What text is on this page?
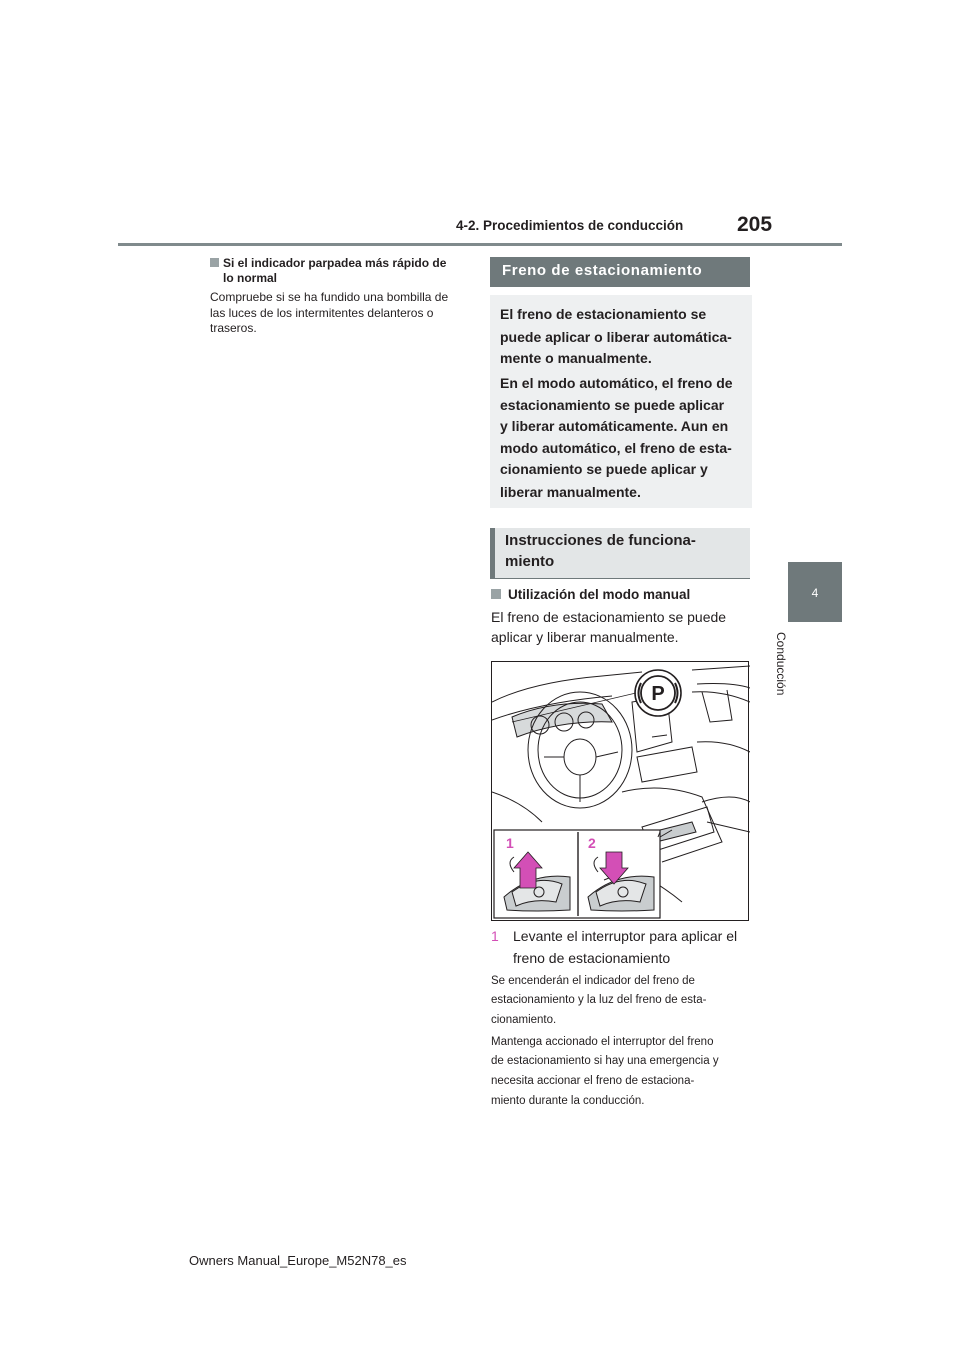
4-2. Procedimientos de conducción	205
4
Conducción
Si el indicador parpadea más rápido de
lo normal
Compruebe si se ha fundido una bombilla de
las luces de los intermitentes delanteros o
traseros.
Freno de estacionamiento
El freno de estacionamiento se
puede aplicar o liberar automática-
mente o manualmente.
En el modo automático, el freno de
estacionamiento se puede aplicar
y liberar automáticamente. Aun en
modo automático, el freno de esta-
cionamiento se puede aplicar y
liberar manualmente.
Instrucciones de funciona-
miento
Utilización del modo manual
El freno de estacionamiento se puede
aplicar y liberar manualmente.
P
1	2
1 Levante el interruptor para aplicar el
freno de estacionamiento
Se encenderán el indicador del freno de
estacionamiento y la luz del freno de esta-
cionamiento.
Mantenga accionado el interruptor del freno
de estacionamiento si hay una emergencia y
necesita accionar el freno de estaciona-
miento durante la conducción.
Owners Manual_Europe_M52N78_es
